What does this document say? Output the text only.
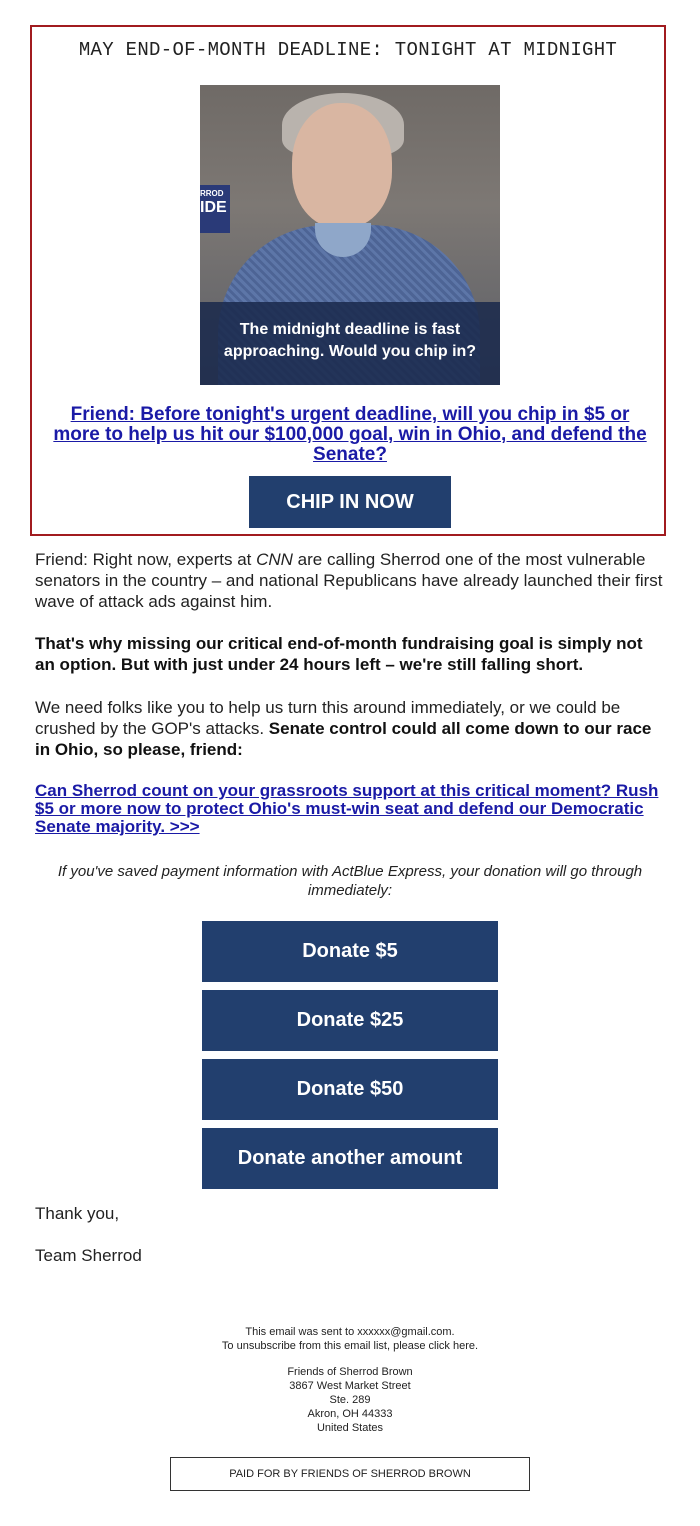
MAY END-OF-MONTH DEADLINE: TONIGHT AT MIDNIGHT
RROD
IDE
The midnight deadline is fast
approaching. Would you chip in?
Friend: Before tonight's urgent deadline, will you chip in $5 or more to help us hit our $100,000 goal, win in Ohio, and defend the Senate?
CHIP IN NOW
Friend: Right now, experts at CNN are calling Sherrod one of the most vulnerable senators in the country – and national Republicans have already launched their first wave of attack ads against him.
That's why missing our critical end-of-month fundraising goal is simply not an option. But with just under 24 hours left – we're still falling short.
We need folks like you to help us turn this around immediately, or we could be crushed by the GOP's attacks. Senate control could all come down to our race in Ohio, so please, friend:
Can Sherrod count on your grassroots support at this critical moment? Rush $5 or more now to protect Ohio's must-win seat and defend our Democratic Senate majority. >>>
If you've saved payment information with ActBlue Express, your donation will go through immediately:
Donate $5
Donate $25
Donate $50
Donate another amount
Thank you,
Team Sherrod
This email was sent to xxxxxx@gmail.com.
To unsubscribe from this email list, please click here.
Friends of Sherrod Brown
3867 West Market Street
Ste. 289
Akron, OH 44333
United States
PAID FOR BY FRIENDS OF SHERROD BROWN
